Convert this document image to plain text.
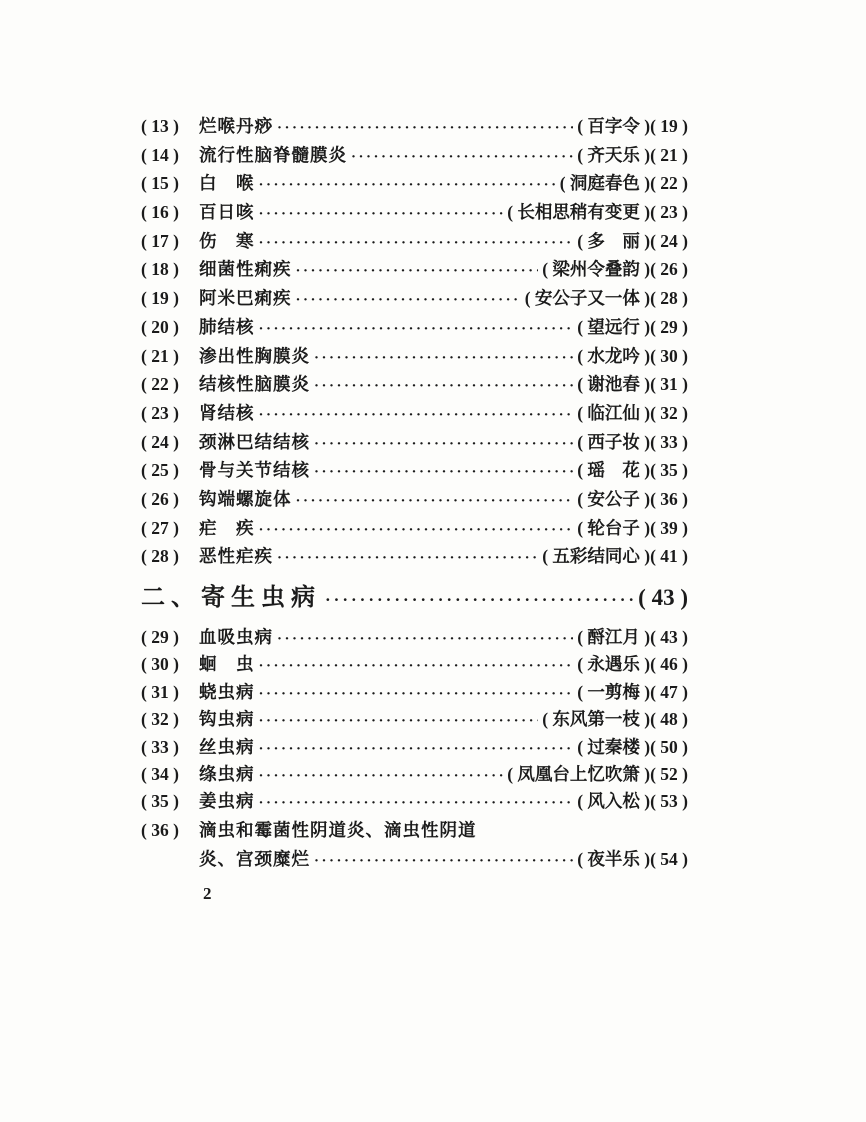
( 13 )	烂喉丹痧 ·····	( 百字令 ) ( 19 )
( 14 )	流行性脑脊髓膜炎 ·····	( 齐天乐 ) ( 21 )
( 15 )	白　喉 ·····	( 洞庭春色 ) ( 22 )
( 16 )	百日咳 ·····	( 长相思稍有变更 ) ( 23 )
( 17 )	伤　寒 ·····	( 多　丽 ) ( 24 )
( 18 )	细菌性痢疾 ·····	( 梁州令叠韵 ) ( 26 )
( 19 )	阿米巴痢疾 ·····	( 安公子又一体 ) ( 28 )
( 20 )	肺结核 ·····	( 望远行 ) ( 29 )
( 21 )	渗出性胸膜炎 ·····	( 水龙吟 ) ( 30 )
( 22 )	结核性脑膜炎 ·····	( 谢池春 ) ( 31 )
( 23 )	肾结核 ·····	( 临江仙 ) ( 32 )
( 24 )	颈淋巴结结核 ·····	( 西子妆 ) ( 33 )
( 25 )	骨与关节结核 ·····	( 瑶　花 ) ( 35 )
( 26 )	钩端螺旋体 ·····	( 安公子 ) ( 36 )
( 27 )	疟　疾 ·····	( 轮台子 ) ( 39 )
( 28 )	恶性疟疾 ·····	( 五彩结同心 ) ( 41 )
二、寄生虫病 ·····	( 43 )
( 29 )	血吸虫病 ·····	( 酹江月 ) ( 43 )
( 30 )	蛔　虫 ·····	( 永遇乐 ) ( 46 )
( 31 )	蛲虫病 ·····	( 一剪梅 ) ( 47 )
( 32 )	钩虫病 ·····	( 东风第一枝 ) ( 48 )
( 33 )	丝虫病 ·····	( 过秦楼 ) ( 50 )
( 34 )	绦虫病 ·····	( 凤凰台上忆吹箫 ) ( 52 )
( 35 )	姜虫病 ·····	( 风入松 ) ( 53 )
( 36 )	滴虫和霉菌性阴道炎、滴虫性阴道
炎、宫颈糜烂 ·····	( 夜半乐 ) ( 54 )
2
